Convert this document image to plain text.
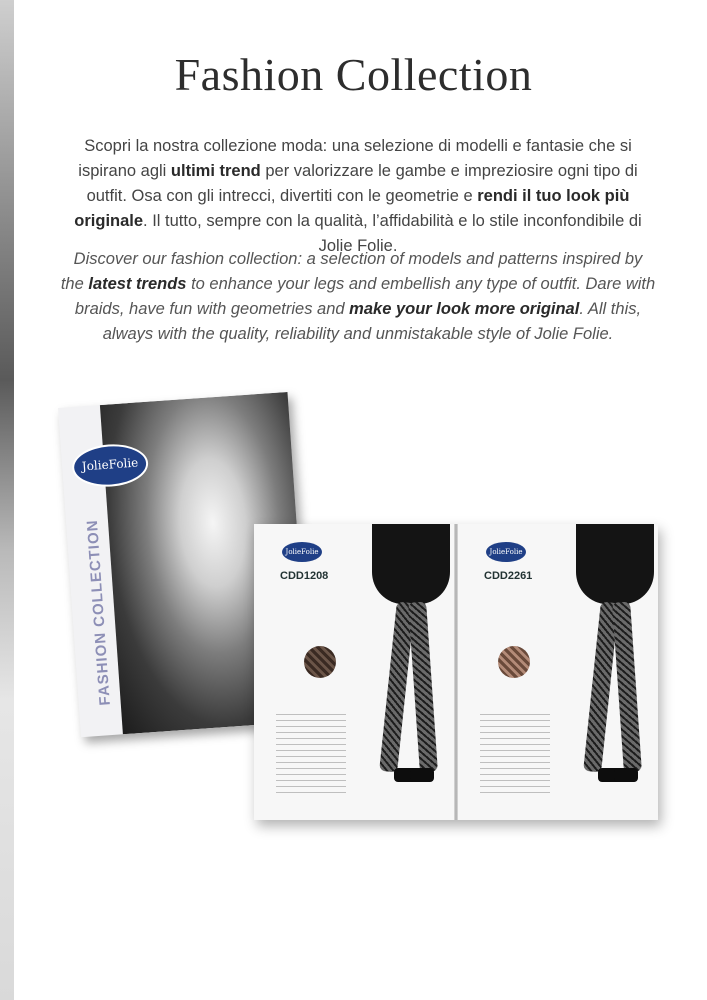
Fashion Collection

Scopri la nostra collezione moda: una selezione di modelli e fantasie che si ispirano agli ultimi trend per valorizzare le gambe e impreziosire ogni tipo di outfit. Osa con gli intrecci, divertiti con le geometrie e rendi il tuo look più originale. Il tutto, sempre con la qualità, l’affidabilità e lo stile inconfondibile di Jolie Folie.

Discover our fashion collection: a selection of models and patterns inspired by the latest trends to enhance your legs and embellish any type of outfit. Dare with braids, have fun with geometries and make your look more original. All this, always with the quality, reliability and unmistakable style of Jolie Folie.

JolieFolie
FASHION COLLECTION	JolieFolie
CDD1208
JolieFolie
CDD2261
